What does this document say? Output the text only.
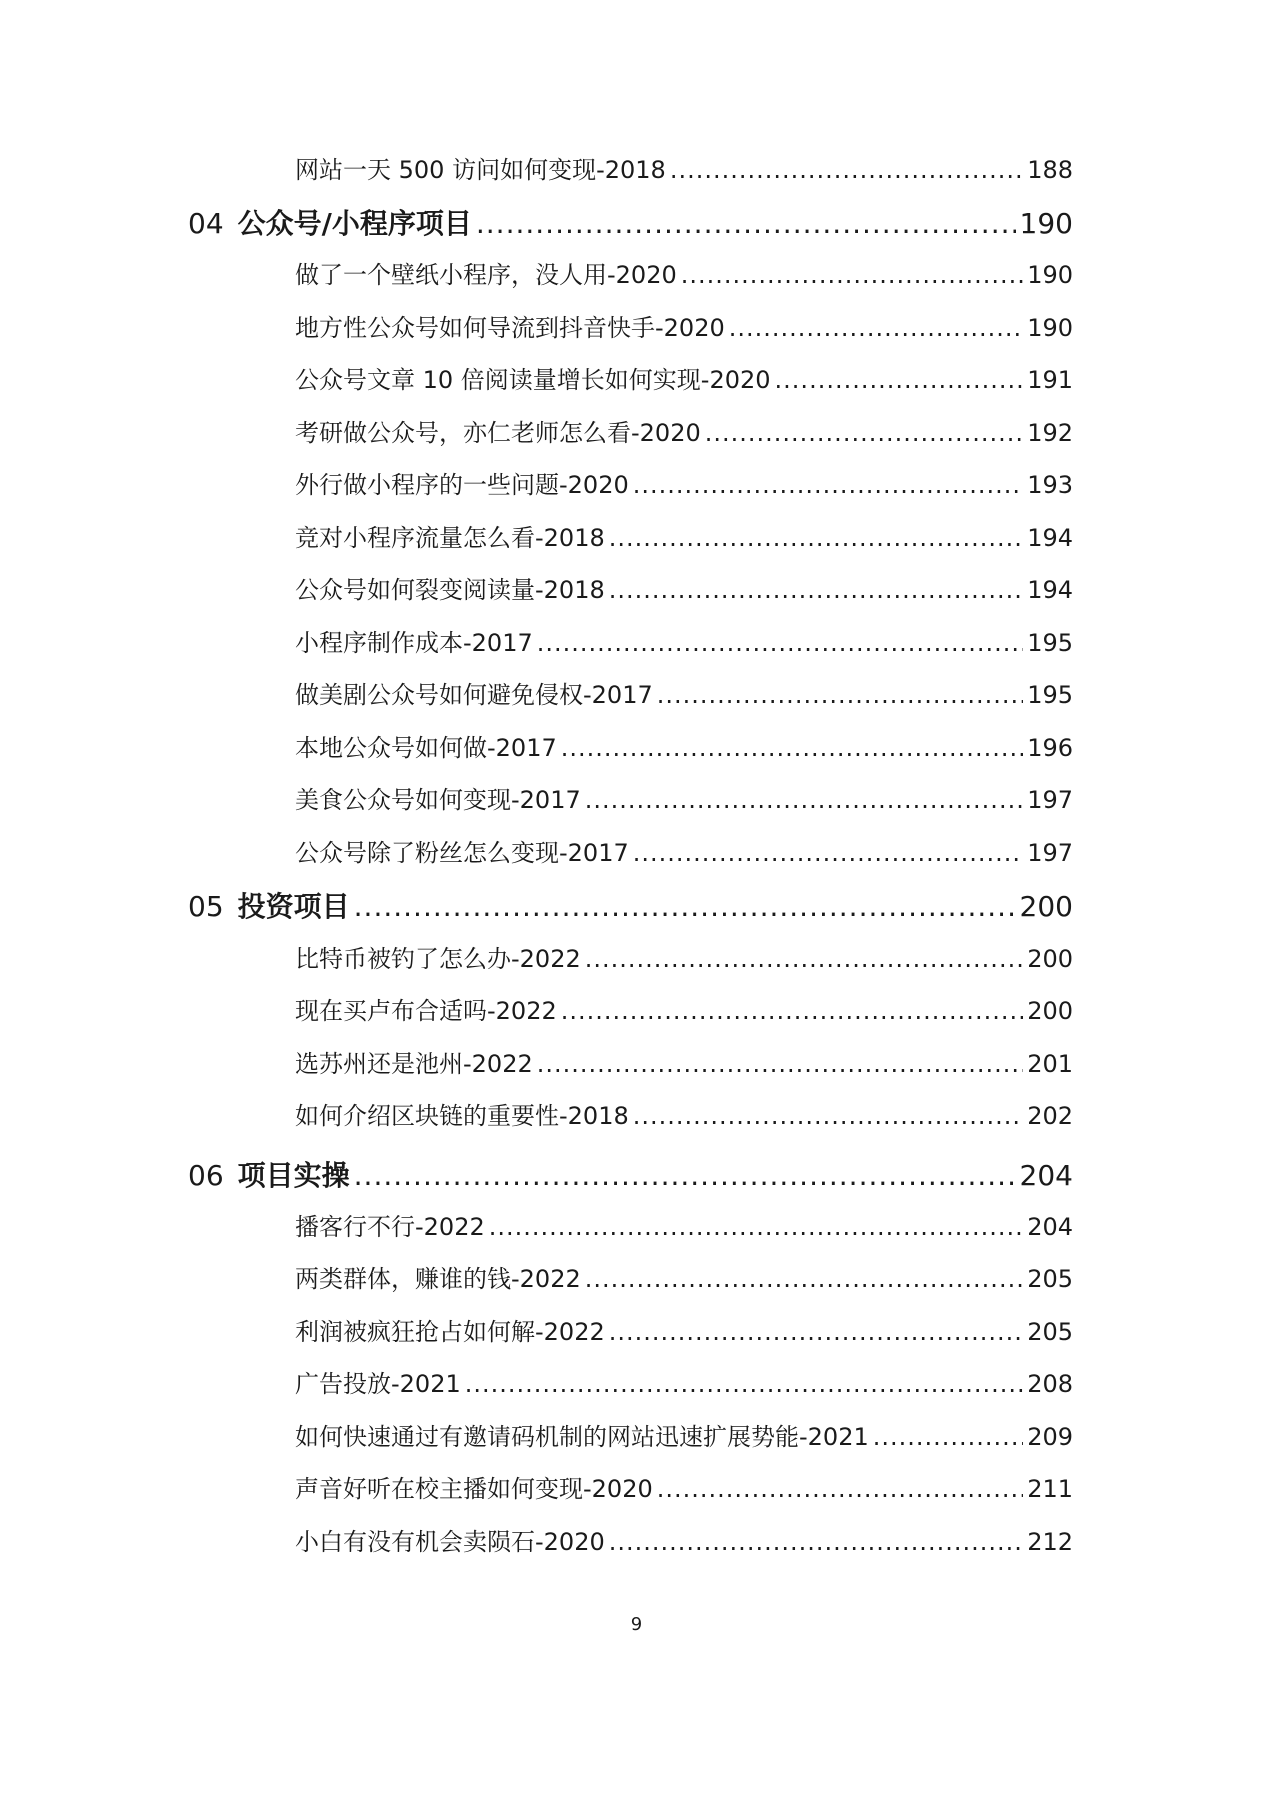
网站一天 500 访问如何变现-2018 .....	188
04 公众号/小程序项目 .....	190
做了一个壁纸小程序，没人用-2020 .....	190
地方性公众号如何导流到抖音快手-2020 .....	190
公众号文章 10 倍阅读量增长如何实现-2020 .....	191
考研做公众号，亦仁老师怎么看-2020 .....	192
外行做小程序的一些问题-2020 .....	193
竞对小程序流量怎么看-2018 .....	194
公众号如何裂变阅读量-2018 .....	194
小程序制作成本-2017 .....	195
做美剧公众号如何避免侵权-2017 .....	195
本地公众号如何做-2017 .....	196
美食公众号如何变现-2017 .....	197
公众号除了粉丝怎么变现-2017 .....	197
05 投资项目 .....	200
比特币被钓了怎么办-2022 .....	200
现在买卢布合适吗-2022 .....	200
选苏州还是池州-2022 .....	201
如何介绍区块链的重要性-2018 .....	202
06 项目实操 .....	204
播客行不行-2022 .....	204
两类群体，赚谁的钱-2022 .....	205
利润被疯狂抢占如何解-2022 .....	205
广告投放-2021 .....	208
如何快速通过有邀请码机制的网站迅速扩展势能-2021 .....	209
声音好听在校主播如何变现-2020 .....	211
小白有没有机会卖陨石-2020 .....	212
9
